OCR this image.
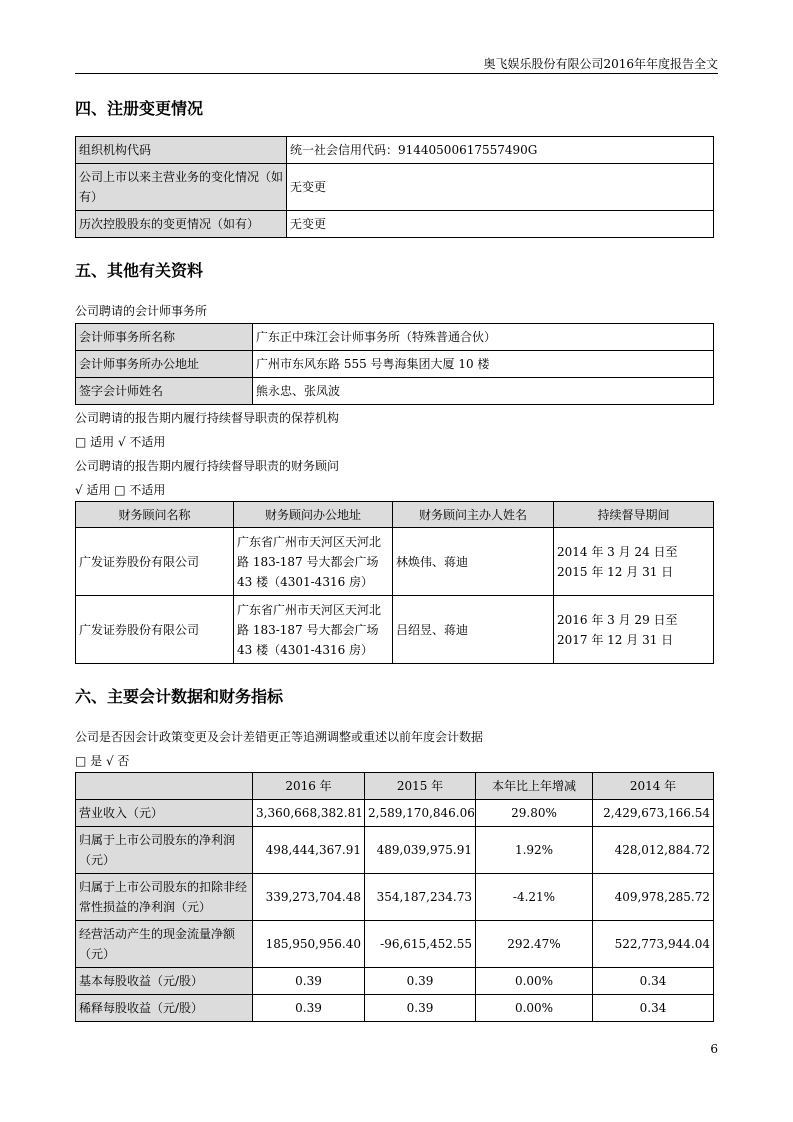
奥飞娱乐股份有限公司2016年年度报告全文
四、注册变更情况
组织机构代码	统一社会信用代码：91440500617557490G
公司上市以来主营业务的变化情况（如有）	无变更
历次控股股东的变更情况（如有）	无变更
五、其他有关资料
公司聘请的会计师事务所
会计师事务所名称	广东正中珠江会计师事务所（特殊普通合伙）
会计师事务所办公地址	广州市东风东路 555 号粤海集团大厦 10 楼
签字会计师姓名	熊永忠、张凤波
公司聘请的报告期内履行持续督导职责的保荐机构
□ 适用 √ 不适用
公司聘请的报告期内履行持续督导职责的财务顾问
√ 适用 □ 不适用
财务顾问名称	财务顾问办公地址	财务顾问主办人姓名	持续督导期间
广发证券股份有限公司	广东省广州市天河区天河北路 183-187 号大都会广场 43 楼（4301-4316 房）	林焕伟、蒋迪	2014 年 3 月 24 日至 2015 年 12 月 31 日
广发证券股份有限公司	广东省广州市天河区天河北路 183-187 号大都会广场 43 楼（4301-4316 房）	吕绍昱、蒋迪	2016 年 3 月 29 日至 2017 年 12 月 31 日
六、主要会计数据和财务指标
公司是否因会计政策变更及会计差错更正等追溯调整或重述以前年度会计数据
□ 是 √ 否
	2016 年	2015 年	本年比上年增减	2014 年
营业收入（元）	3,360,668,382.81	2,589,170,846.06	29.80%	2,429,673,166.54
归属于上市公司股东的净利润（元）	498,444,367.91	489,039,975.91	1.92%	428,012,884.72
归属于上市公司股东的扣除非经常性损益的净利润（元）	339,273,704.48	354,187,234.73	-4.21%	409,978,285.72
经营活动产生的现金流量净额（元）	185,950,956.40	-96,615,452.55	292.47%	522,773,944.04
基本每股收益（元/股）	0.39	0.39	0.00%	0.34
稀释每股收益（元/股）	0.39	0.39	0.00%	0.34
6
